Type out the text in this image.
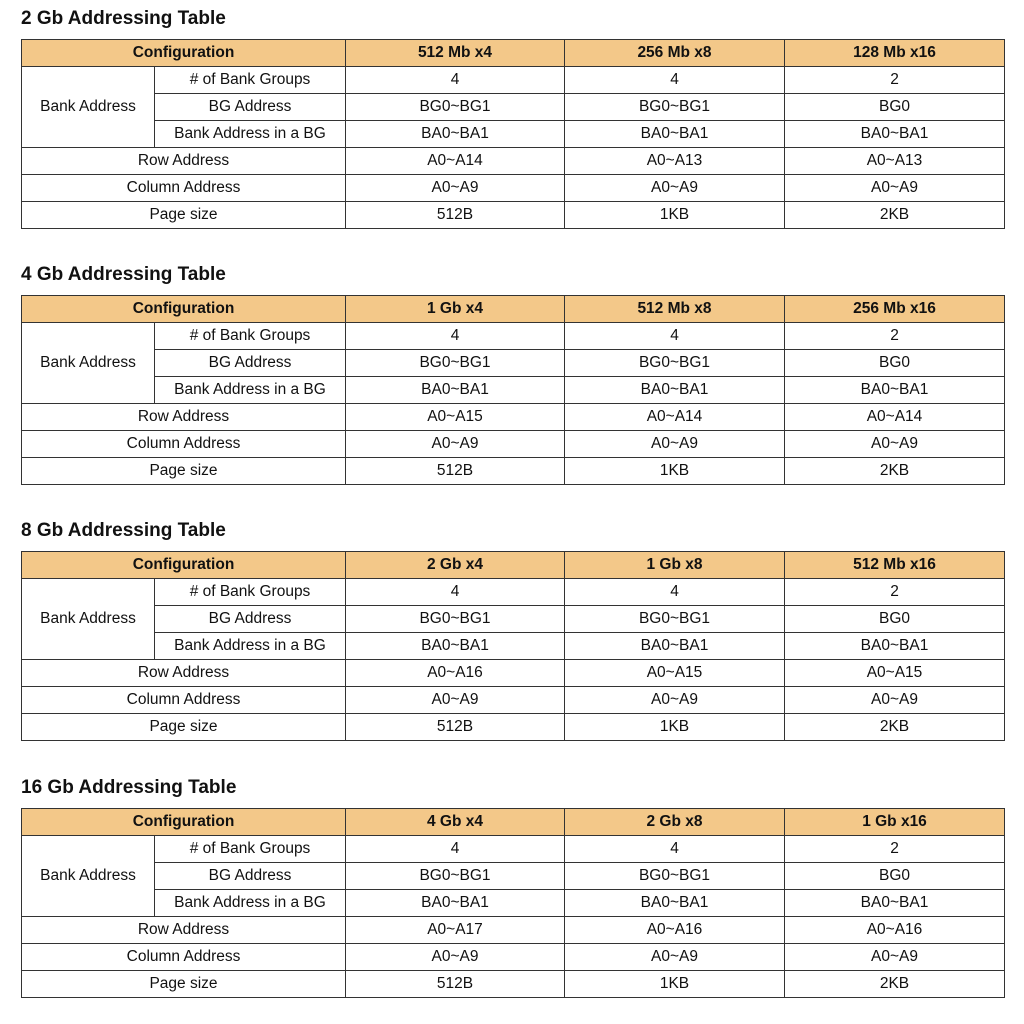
2 Gb Addressing Table
Configuration		512 Mb x4	256 Mb x8	128 Mb x16
Bank Address	# of Bank Groups	4	4	2
	BG Address	BG0~BG1	BG0~BG1	BG0
	Bank Address in a BG	BA0~BA1	BA0~BA1	BA0~BA1
Row Address		A0~A14	A0~A13	A0~A13
Column Address		A0~A9	A0~A9	A0~A9
Page size		512B	1KB	2KB
4 Gb Addressing Table
Configuration		1 Gb x4	512 Mb x8	256 Mb x16
Bank Address	# of Bank Groups	4	4	2
	BG Address	BG0~BG1	BG0~BG1	BG0
	Bank Address in a BG	BA0~BA1	BA0~BA1	BA0~BA1
Row Address		A0~A15	A0~A14	A0~A14
Column Address		A0~A9	A0~A9	A0~A9
Page size		512B	1KB	2KB
8 Gb Addressing Table
Configuration		2 Gb x4	1 Gb x8	512 Mb x16
Bank Address	# of Bank Groups	4	4	2
	BG Address	BG0~BG1	BG0~BG1	BG0
	Bank Address in a BG	BA0~BA1	BA0~BA1	BA0~BA1
Row Address		A0~A16	A0~A15	A0~A15
Column Address		A0~A9	A0~A9	A0~A9
Page size		512B	1KB	2KB
16 Gb Addressing Table
Configuration		4 Gb x4	2 Gb x8	1 Gb x16
Bank Address	# of Bank Groups	4	4	2
	BG Address	BG0~BG1	BG0~BG1	BG0
	Bank Address in a BG	BA0~BA1	BA0~BA1	BA0~BA1
Row Address		A0~A17	A0~A16	A0~A16
Column Address		A0~A9	A0~A9	A0~A9
Page size		512B	1KB	2KB
